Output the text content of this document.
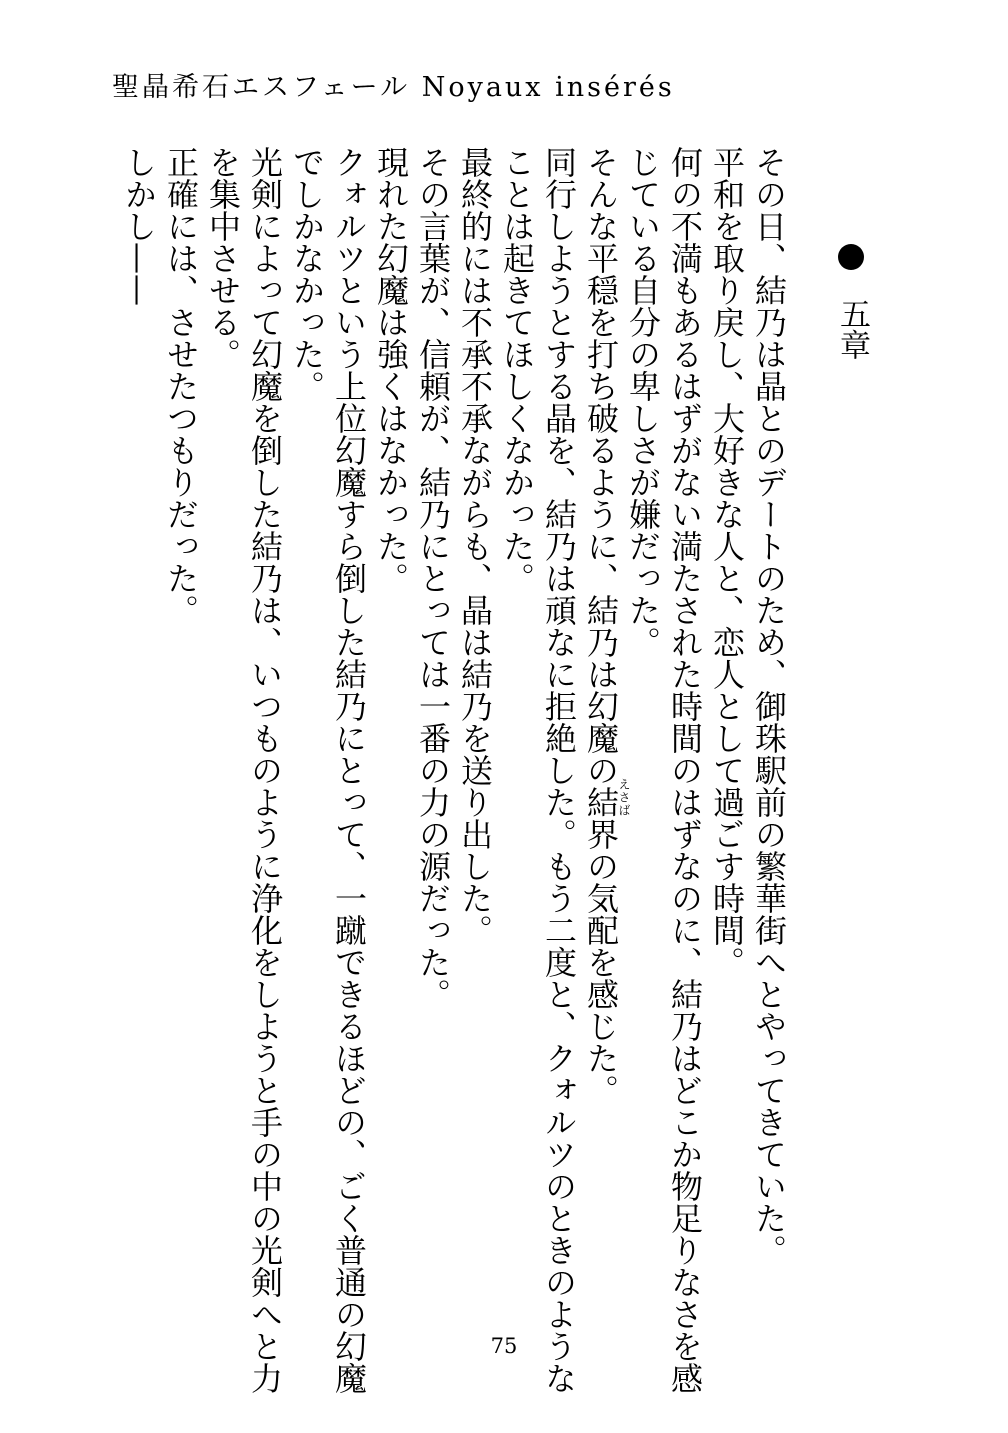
聖晶希石エスフェール Noyaux insérés
五章
その日、結乃は晶とのデートのため、御珠駅前の繁華街へとやってきていた。
平和を取り戻し、大好きな人と、恋人として過ごす時間。
何の不満もあるはずがない満たされた時間のはずなのに、結乃はどこか物足りなさを感
じている自分の卑しさが嫌だった。
そんな平穏を打ち破るように、結乃は幻魔の結界の気配を感じた。
同行しようとする晶を、結乃は頑なに拒絶した。もう二度と、クォルツのときのような
ことは起きてほしくなかった。
最終的には不承不承ながらも、晶は結乃を送り出した。
その言葉が、信頼が、結乃にとっては一番の力の源だった。
現れた幻魔は強くはなかった。
クォルツという上位幻魔すら倒した結乃にとって、一蹴できるほどの、ごく普通の幻魔
でしかなかった。
光剣によって幻魔を倒した結乃は、いつものように浄化をしようと手の中の光剣へと力
を集中させる。
正確には、させたつもりだった。
しかし——
えさば
75
